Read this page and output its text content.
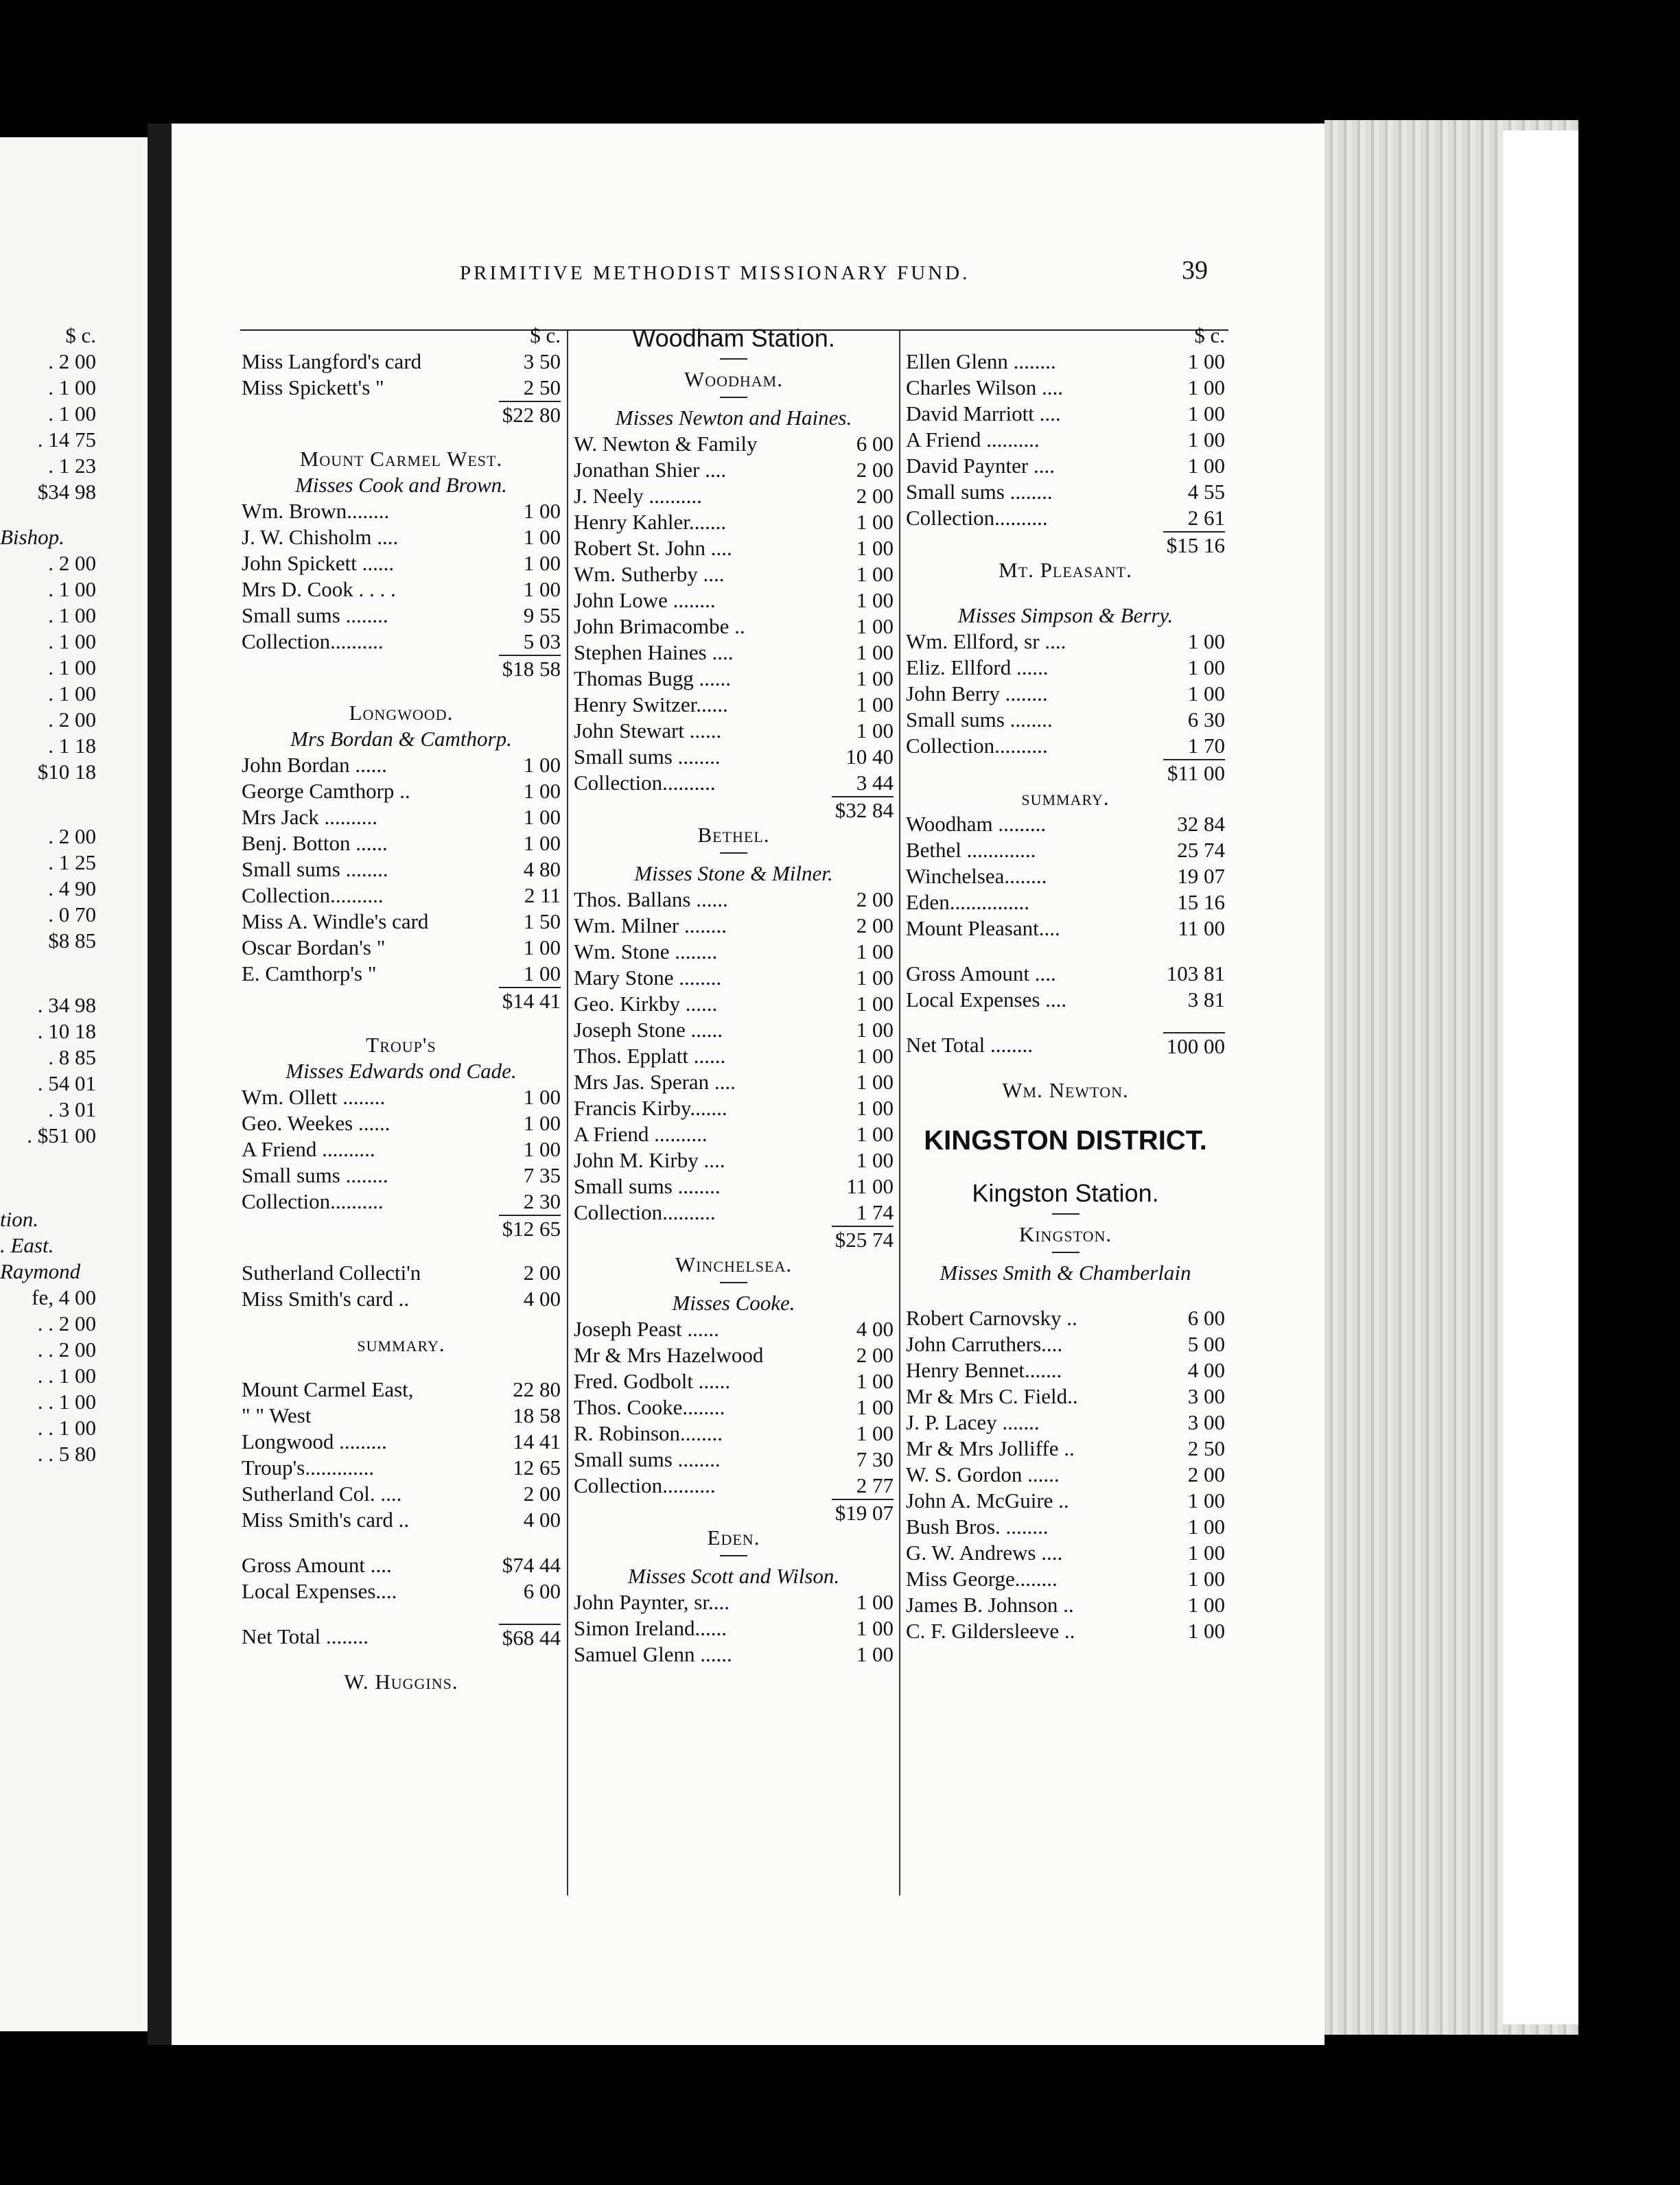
$ c.
. 2 00
. 1 00
. 1 00
. 14 75
. 1 23
$34 98
Bishop.
. 2 00
. 1 00
. 1 00
. 1 00
. 1 00
. 1 00
. 2 00
. 1 18
$10 18
. 2 00
. 1 25
. 4 90
. 0 70
$8 85
. 34 98
. 10 18
. 8 85
. 54 01
. 3 01
. $51 00
tion.
. East.
Raymond
fe, 4 00
. . 2 00
. . 2 00
. . 1 00
. . 1 00
. . 1 00
. . 5 80
PRIMITIVE METHODIST MISSIONARY FUND.	39
$ c.
Miss Langford's card	3 50
Miss Spickett's "	2 50
$22 80
Mount Carmel West.
Misses Cook and Brown.
Wm. Brown........	1 00
J. W. Chisholm ....	1 00
John Spickett ......	1 00
Mrs D. Cook . . . .	1 00
Small sums ........	9 55
Collection..........	5 03
$18 58
Longwood.
Mrs Bordan & Camthorp.
John Bordan ......	1 00
George Camthorp ..	1 00
Mrs Jack ..........	1 00
Benj. Botton ......	1 00
Small sums ........	4 80
Collection..........	2 11
Miss A. Windle's card	1 50
Oscar Bordan's "	1 00
E. Camthorp's "	1 00
$14 41
Troup's
Misses Edwards ond Cade.
Wm. Ollett ........	1 00
Geo. Weekes ......	1 00
A Friend ..........	1 00
Small sums ........	7 35
Collection..........	2 30
$12 65
Sutherland Collecti'n	2 00
Miss Smith's card ..	4 00
summary.
Mount Carmel East,	22 80
" " West	18 58
Longwood .........	14 41
Troup's.............	12 65
Sutherland Col. ....	2 00
Miss Smith's card ..	4 00
Gross Amount ....	$74 44
Local Expenses....	6 00
Net Total ........	$68 44
W. Huggins.
Woodham Station.
Woodham.
Misses Newton and Haines.
W. Newton & Family	6 00
Jonathan Shier ....	2 00
J. Neely ..........	2 00
Henry Kahler.......	1 00
Robert St. John ....	1 00
Wm. Sutherby ....	1 00
John Lowe ........	1 00
John Brimacombe ..	1 00
Stephen Haines ....	1 00
Thomas Bugg ......	1 00
Henry Switzer......	1 00
John Stewart ......	1 00
Small sums ........	10 40
Collection..........	3 44
$32 84
Bethel.
Misses Stone & Milner.
Thos. Ballans ......	2 00
Wm. Milner ........	2 00
Wm. Stone ........	1 00
Mary Stone ........	1 00
Geo. Kirkby ......	1 00
Joseph Stone ......	1 00
Thos. Epplatt ......	1 00
Mrs Jas. Speran ....	1 00
Francis Kirby.......	1 00
A Friend ..........	1 00
John M. Kirby ....	1 00
Small sums ........	11 00
Collection..........	1 74
$25 74
Winchelsea.
Misses Cooke.
Joseph Peast ......	4 00
Mr & Mrs Hazelwood	2 00
Fred. Godbolt ......	1 00
Thos. Cooke........	1 00
R. Robinson........	1 00
Small sums ........	7 30
Collection..........	2 77
$19 07
Eden.
Misses Scott and Wilson.
John Paynter, sr....	1 00
Simon Ireland......	1 00
Samuel Glenn ......	1 00
$ c.
Ellen Glenn ........	1 00
Charles Wilson ....	1 00
David Marriott ....	1 00
A Friend ..........	1 00
David Paynter ....	1 00
Small sums ........	4 55
Collection..........	2 61
$15 16
Mt. Pleasant.
Misses Simpson & Berry.
Wm. Ellford, sr ....	1 00
Eliz. Ellford ......	1 00
John Berry ........	1 00
Small sums ........	6 30
Collection..........	1 70
$11 00
summary.
Woodham .........	32 84
Bethel .............	25 74
Winchelsea........	19 07
Eden...............	15 16
Mount Pleasant....	11 00
Gross Amount ....	103 81
Local Expenses ....	3 81
Net Total ........	100 00
Wm. Newton.
KINGSTON DISTRICT.
Kingston Station.
Kingston.
Misses Smith & Chamberlain
Robert Carnovsky ..	6 00
John Carruthers....	5 00
Henry Bennet.......	4 00
Mr & Mrs C. Field..	3 00
J. P. Lacey .......	3 00
Mr & Mrs Jolliffe ..	2 50
W. S. Gordon ......	2 00
John A. McGuire ..	1 00
Bush Bros. ........	1 00
G. W. Andrews ....	1 00
Miss George........	1 00
James B. Johnson ..	1 00
C. F. Gildersleeve ..	1 00
